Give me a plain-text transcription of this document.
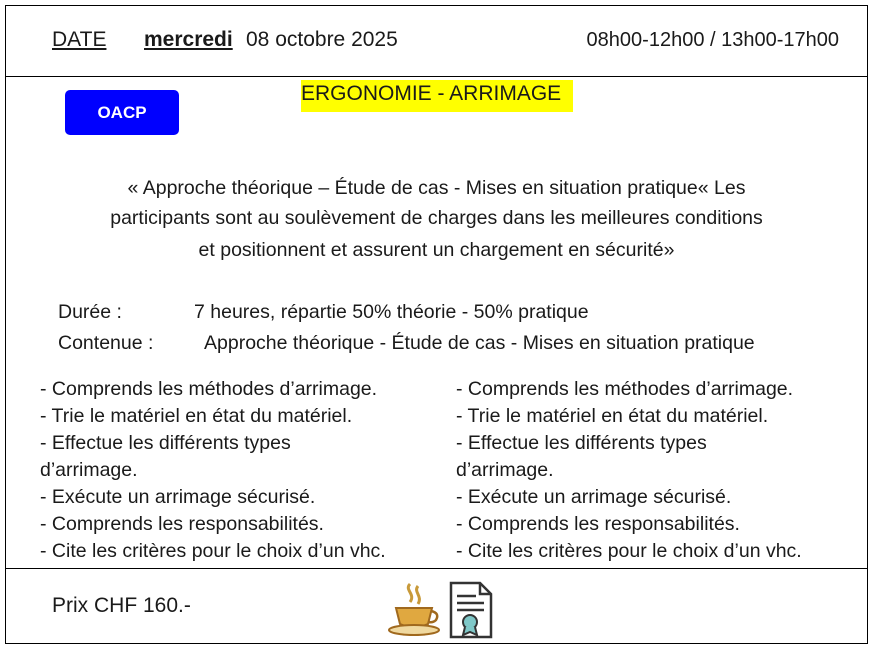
DATE mercredi 08 octobre 2025	08h00-12h00 / 13h00-17h00
ERGONOMIE - ARRIMAGE
OACP
« Approche théorique – Étude de cas - Mises en situation pratique« Les
participants sont au soulèvement de charges dans les meilleures conditions
et positionnent et assurent un chargement en sécurité»
Durée :	7 heures, répartie 50% théorie - 50% pratique
Contenue :	Approche théorique - Étude de cas - Mises en situation pratique
- Comprends les méthodes d’arrimage.
- Trie le matériel en état du matériel.
- Effectue les différents types
d’arrimage.
- Exécute un arrimage sécurisé.
- Comprends les responsabilités.
- Cite les critères pour le choix d’un vhc.
- Comprends les méthodes d’arrimage.
- Trie le matériel en état du matériel.
- Effectue les différents types
d’arrimage.
- Exécute un arrimage sécurisé.
- Comprends les responsabilités.
- Cite les critères pour le choix d’un vhc.
Prix CHF 160.-
